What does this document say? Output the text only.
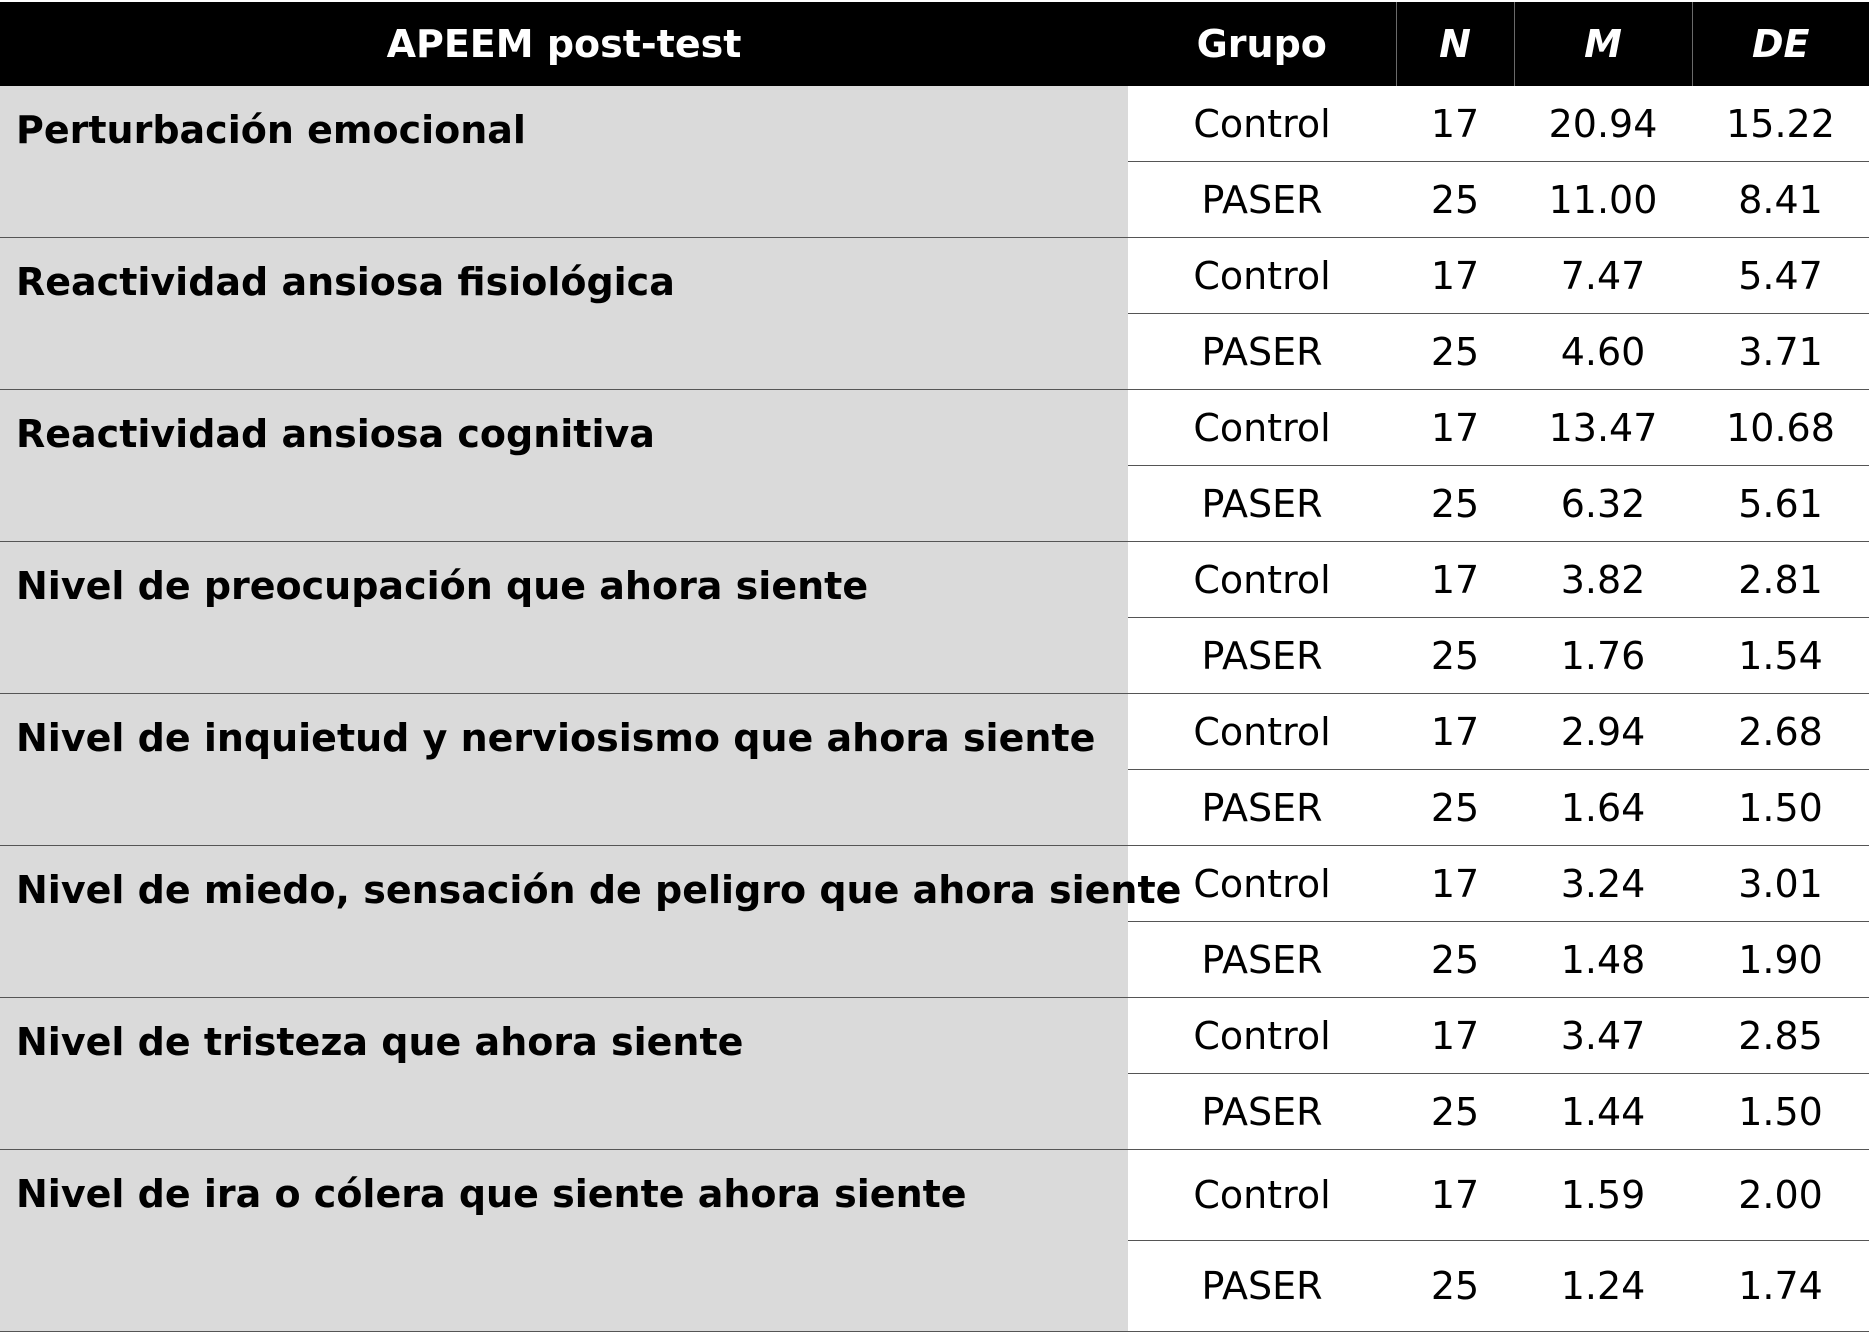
APEEM post-test	Grupo	N	M	DE
Perturbación emocional	Control	17	20.94	15.22
	PASER	25	11.00	8.41
Reactividad ansiosa fisiológica	Control	17	7.47	5.47
	PASER	25	4.60	3.71
Reactividad ansiosa cognitiva	Control	17	13.47	10.68
	PASER	25	6.32	5.61
Nivel de preocupación que ahora siente	Control	17	3.82	2.81
	PASER	25	1.76	1.54
Nivel de inquietud y nerviosismo que ahora siente	Control	17	2.94	2.68
	PASER	25	1.64	1.50
Nivel de miedo, sensación de peligro que ahora siente	Control	17	3.24	3.01
	PASER	25	1.48	1.90
Nivel de tristeza que ahora siente	Control	17	3.47	2.85
	PASER	25	1.44	1.50
Nivel de ira o cólera que siente ahora siente	Control	17	1.59	2.00
	PASER	25	1.24	1.74
